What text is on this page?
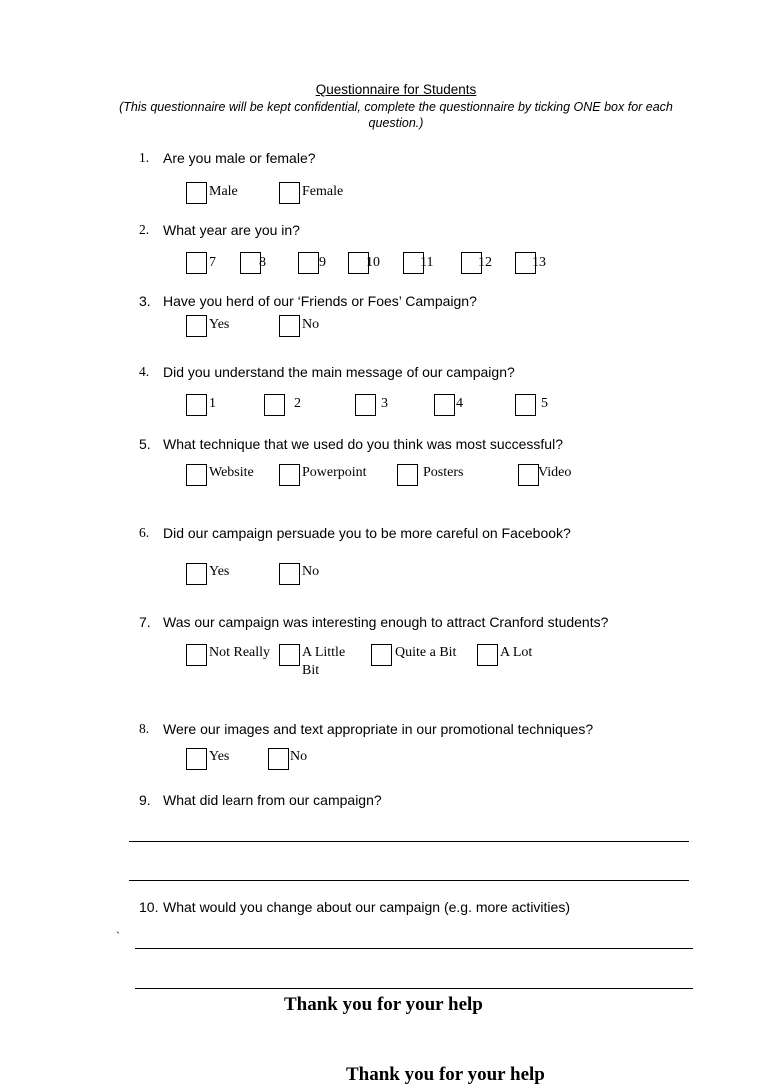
Questionnaire for Students
(This questionnaire will be kept confidential, complete the questionnaire by ticking ONE box for each question.)
1. Are you male or female?
Male	Female
2. What year are you in?
7	8	9	10	11	12	13
3. Have you herd of our ‘Friends or Foes’ Campaign?
Yes	No
4. Did you understand the main message of our campaign?
1	2	3	4	5
5. What technique that we used do you think was most successful?
Website	Powerpoint	Posters	Video
6. Did our campaign persuade you to be more careful on Facebook?
Yes	No
7. Was our campaign was interesting enough to attract Cranford students?
Not Really A Little
Bit
Quite a Bit	A Lot
8. Were our images and text appropriate in our promotional techniques?
Yes	No
9. What did learn from our campaign?
10. What would you change about our campaign (e.g. more activities)
`
Thank you for your help
Thank you for your help
